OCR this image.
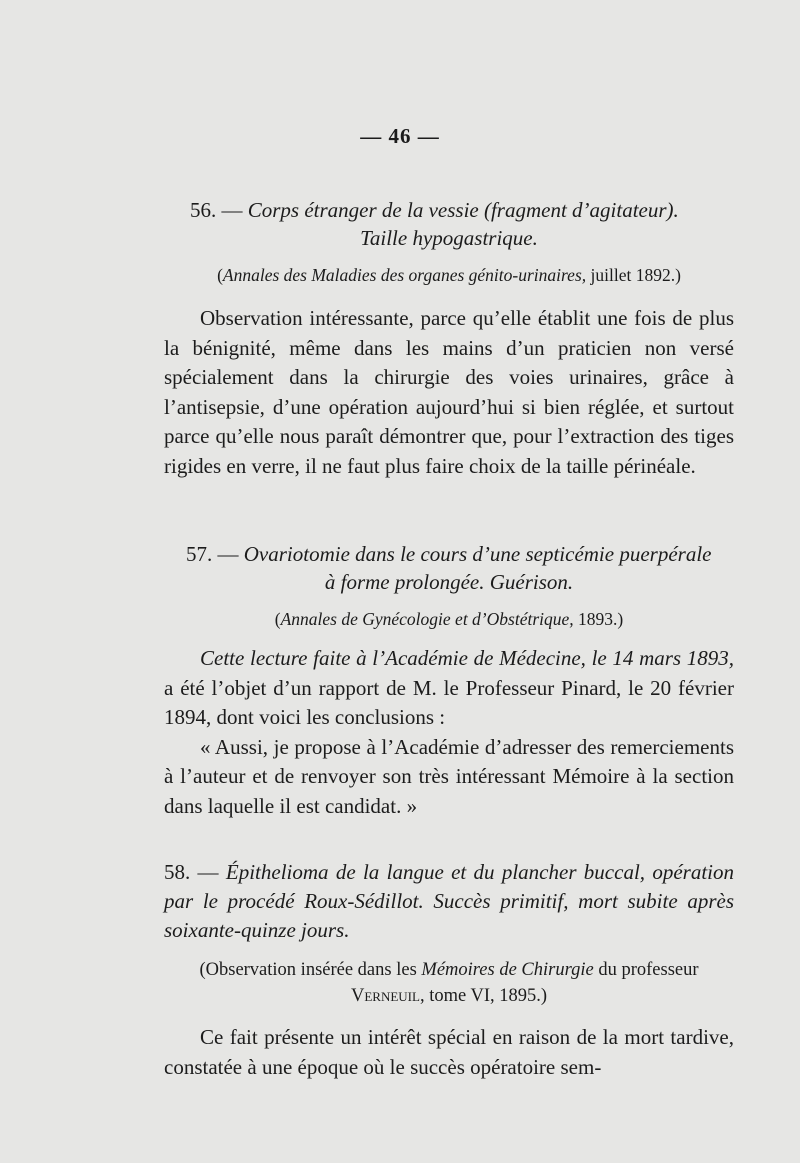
— 46 —
56. — Corps étranger de la vessie (fragment d’agitateur).
Taille hypogastrique.
(Annales des Maladies des organes génito-urinaires, juillet 1892.)

Observation intéressante, parce qu’elle établit une fois de plus la bénignité, même dans les mains d’un praticien non versé spécialement dans la chirurgie des voies urinaires, grâce à l’antisepsie, d’une opération aujourd’hui si bien réglée, et surtout parce qu’elle nous paraît démontrer que, pour l’extraction des tiges rigides en verre, il ne faut plus faire choix de la taille périnéale.

57. — Ovariotomie dans le cours d’une septicémie puerpérale
à forme prolongée. Guérison.
(Annales de Gynécologie et d’Obstétrique, 1893.)

Cette lecture faite à l’Académie de Médecine, le 14 mars 1893, a été l’objet d’un rapport de M. le Professeur Pinard, le 20 février 1894, dont voici les conclusions :

« Aussi, je propose à l’Académie d’adresser des remerciements à l’auteur et de renvoyer son très intéressant Mémoire à la section dans laquelle il est candidat. »

58. — Épithelioma de la langue et du plancher buccal, opération par le procédé Roux-Sédillot. Succès primitif, mort subite après soixante-quinze jours.

(Observation insérée dans les Mémoires de Chirurgie du professeur
Verneuil, tome VI, 1895.)

Ce fait présente un intérêt spécial en raison de la mort tardive, constatée à une époque où le succès opératoire sem-
